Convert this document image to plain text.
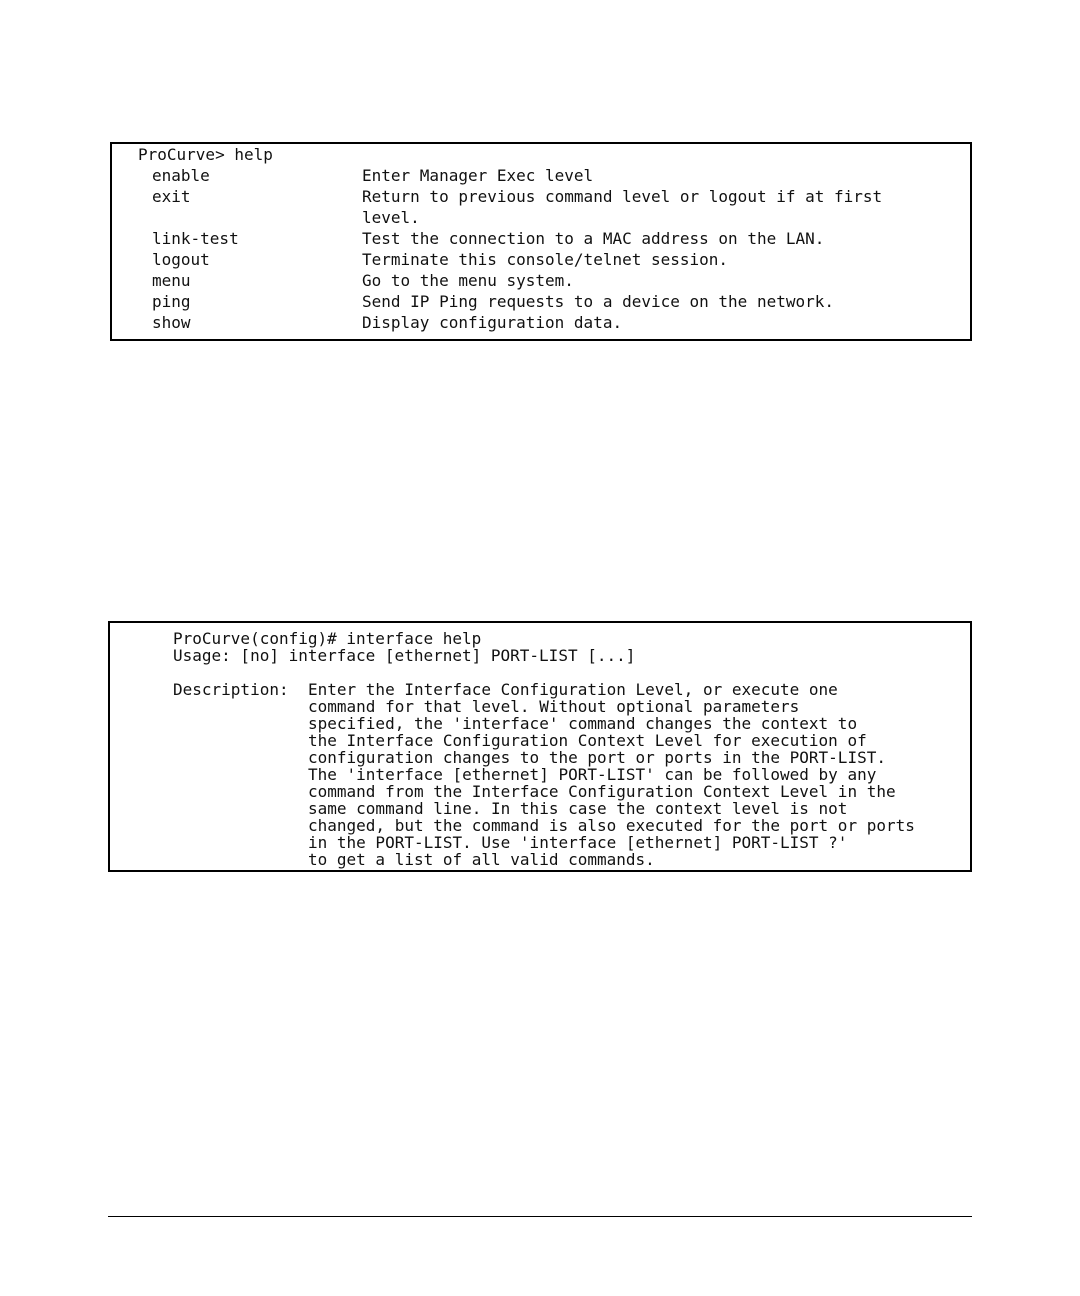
ProCurve> help
enable	Enter Manager Exec level
exit	Return to previous command level or logout if at first
level.
link-test	Test the connection to a MAC address on the LAN.
logout	Terminate this console/telnet session.
menu	Go to the menu system.
ping	Send IP Ping requests to a device on the network.
show	Display configuration data.
ProCurve(config)# interface help
Usage: [no] interface [ethernet] PORT-LIST [...]
Description: Enter the Interface Configuration Level, or execute one
command for that level. Without optional parameters
specified, the 'interface' command changes the context to
the Interface Configuration Context Level for execution of
configuration changes to the port or ports in the PORT-LIST.
The 'interface [ethernet] PORT-LIST' can be followed by any
command from the Interface Configuration Context Level in the
same command line. In this case the context level is not
changed, but the command is also executed for the port or ports
in the PORT-LIST. Use 'interface [ethernet] PORT-LIST ?'
to get a list of all valid commands.
